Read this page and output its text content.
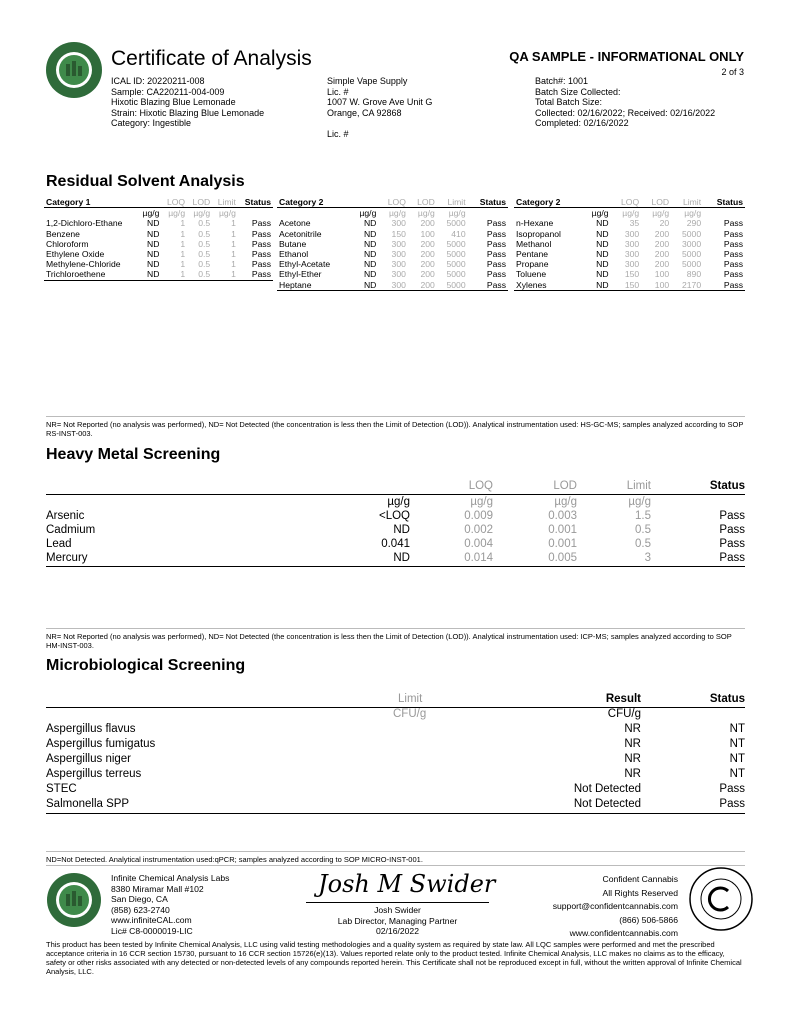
Certificate of Analysis	QA SAMPLE - INFORMATIONAL ONLY
2 of 3
ICAL ID: 20220211-008
Sample: CA220211-004-009
Hixotic Blazing Blue Lemonade
Strain: Hixotic Blazing Blue Lemonade
Category: Ingestible
Simple Vape Supply
Lic. #
1007 W. Grove Ave Unit G
Orange, CA 92868
Lic. #
Batch#: 1001
Batch Size Collected:
Total Batch Size:
Collected: 02/16/2022; Received: 02/16/2022
Completed: 02/16/2022
Residual Solvent Analysis
Category 1		LOQ	LOD	Limit	Status
	µg/g	µg/g	µg/g	µg/g	
1,2-Dichloro-Ethane	ND	1	0.5	1	Pass
Benzene	ND	1	0.5	1	Pass
Chloroform	ND	1	0.5	1	Pass
Ethylene Oxide	ND	1	0.5	1	Pass
Methylene-Chloride	ND	1	0.5	1	Pass
Trichloroethene	ND	1	0.5	1	Pass
Category 2		LOQ	LOD	Limit	Status
	µg/g	µg/g	µg/g	µg/g	
Acetone	ND	300	200	5000	Pass
Acetonitrile	ND	150	100	410	Pass
Butane	ND	300	200	5000	Pass
Ethanol	ND	300	200	5000	Pass
Ethyl-Acetate	ND	300	200	5000	Pass
Ethyl-Ether	ND	300	200	5000	Pass
Heptane	ND	300	200	5000	Pass
Category 2		LOQ	LOD	Limit	Status
	µg/g	µg/g	µg/g	µg/g	
n-Hexane	ND	35	20	290	Pass
Isopropanol	ND	300	200	5000	Pass
Methanol	ND	300	200	3000	Pass
Pentane	ND	300	200	5000	Pass
Propane	ND	300	200	5000	Pass
Toluene	ND	150	100	890	Pass
Xylenes	ND	150	100	2170	Pass
NR= Not Reported (no analysis was performed), ND= Not Detected (the concentration is less then the Limit of Detection (LOD)). Analytical instrumentation used: HS-GC-MS; samples analyzed according to SOP RS-INST-003.
Heavy Metal Screening
LOQ	LOD	Limit	Status
µg/g	µg/g	µg/g	µg/g
Arsenic	<LOQ	0.009	0.003	1.5	Pass
Cadmium	ND	0.002	0.001	0.5	Pass
Lead	0.041	0.004	0.001	0.5	Pass
Mercury	ND	0.014	0.005	3	Pass
NR= Not Reported (no analysis was performed), ND= Not Detected (the concentration is less then the Limit of Detection (LOD)). Analytical instrumentation used: ICP-MS; samples analyzed according to SOP HM-INST-003.
Microbiological Screening
Limit	Result	Status
CFU/g	CFU/g
Aspergillus flavus	NR	NT
Aspergillus fumigatus	NR	NT
Aspergillus niger	NR	NT
Aspergillus terreus	NR	NT
STEC	Not Detected	Pass
Salmonella SPP	Not Detected	Pass
ND=Not Detected. Analytical instrumentation used:qPCR; samples analyzed according to SOP MICRO-INST-001.
Infinite Chemical Analysis Labs
8380 Miramar Mall #102
San Diego, CA
(858) 623-2740
www.infiniteCAL.com
Lic# C8-0000019-LIC
Josh M Swider
Josh Swider
Lab Director, Managing Partner
02/16/2022
Confident Cannabis
All Rights Reserved
support@confidentcannabis.com
(866) 506-5866
www.confidentcannabis.com
This product has been tested by Infinite Chemical Analysis, LLC using valid testing methodologies and a quality system as required by state law. All LQC samples were performed and met the prescribed acceptance criteria in 16 CCR section 15730, pursuant to 16 CCR section 15726(e)(13). Values reported relate only to the product tested. Infinite Chemical Analysis, LLC makes no claims as to the efficacy, safety or other risks associated with any detected or non-detected levels of any compounds reported herein. This Certificate shall not be reproduced except in full, without the written approval of Infinite Chemical Analysis, LLC.
